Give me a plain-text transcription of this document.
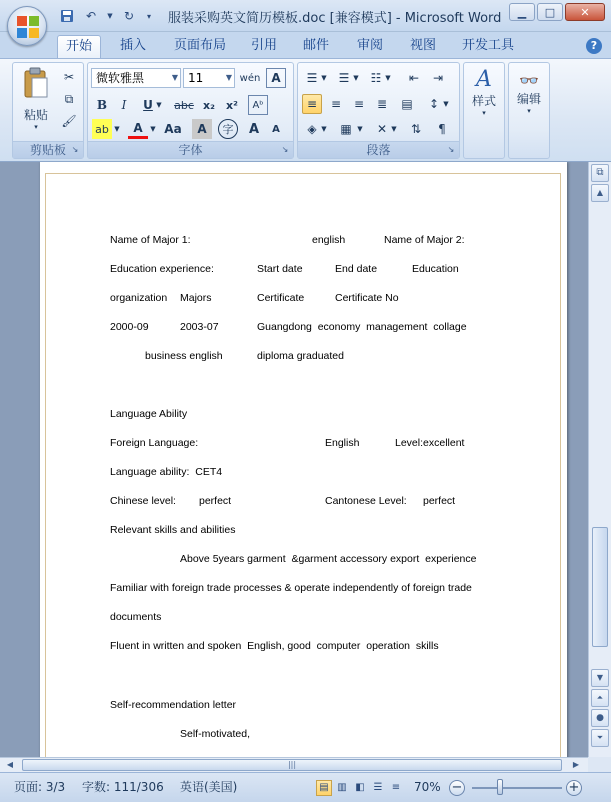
↶	▼ ↻	▾ 服装采购英文简历模板.doc [兼容模式] - Microsoft Word ▁ □ ✕
开始	插入	页面布局	引用	邮件	审阅	视图	开发工具	?
粘贴
▾
✂
⧉
🖌
剪贴板 ↘
微软雅黑	▼ 11	▼ wén A
B	I	U ▼ abc x₂	x²	Aᵇ
ab ▼	A	▼ Aa	A	字	A	A
字体	↘
☰ ▼ ☰ ▼ ☷ ▼	⇤	⇥
≡	≡	≡	≣	▤	↕ ▼
◈ ▼	▦ ▼	✕ ▼	⇅	¶
段落	↘
A
样式
▾
👓
编辑
▾
Name of Major 1:	english	Name of Major 2:
Education experience:	Start date	End date	Education
organization Majors	Certificate	Certificate No
2000-09	2003-07	Guangdong  economy  management  collage
business english	diploma graduated
Language Ability
Foreign Language:	English	Level:excellent
Language ability:  CET4
Chinese level: perfect	Cantonese Level: perfect
Relevant skills and abilities
Above 5years garment  &garment accessory export  experience
Familiar with foreign trade processes & operate independently of foreign trade
documents
Fluent in written and spoken  English, good  computer  operation  skills
Self-recommendation letter
Self-motivated,
⧉
▲
▼
⏶
●
⏷
◀	|||	▶
页面: 3/3 字数: 111/306 英语(美国)	▤ ▥ ◧ ☰ ≡	70% −	+
